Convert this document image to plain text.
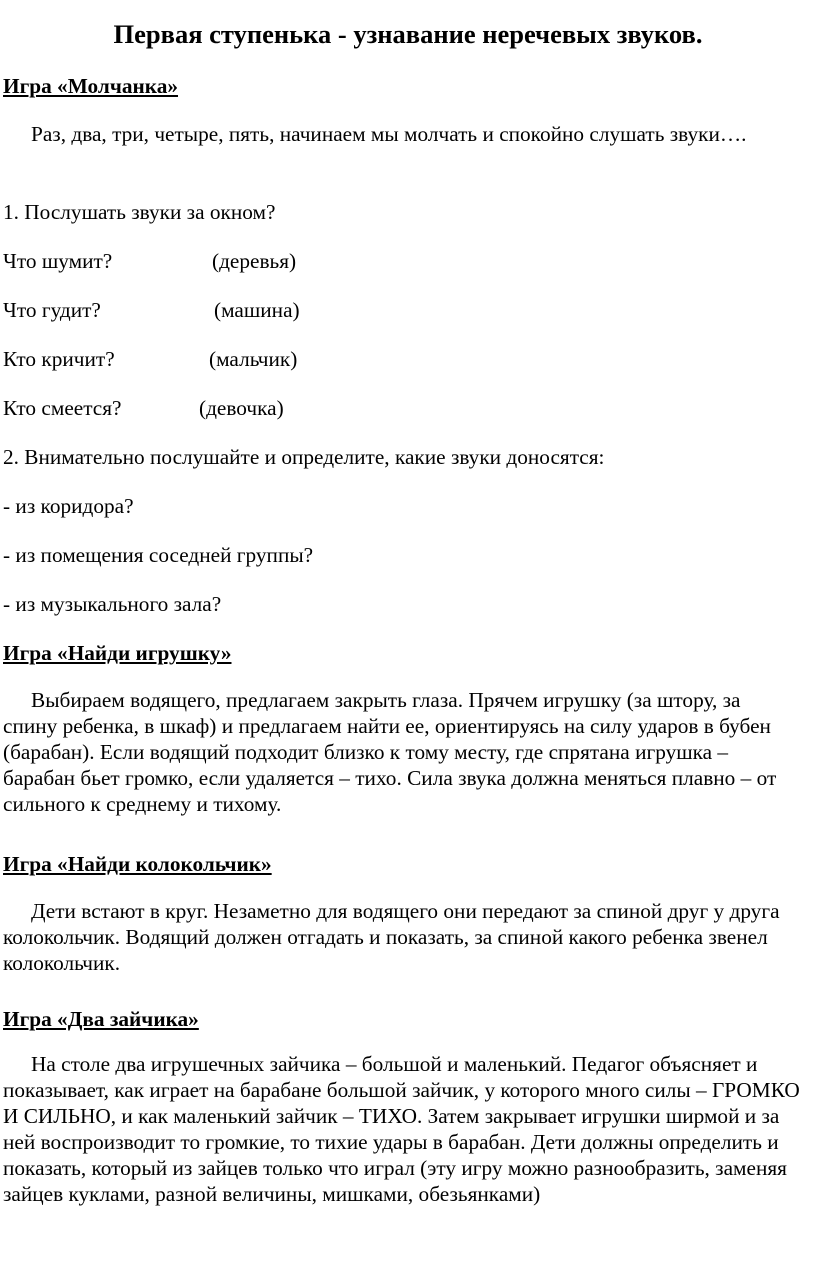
Первая ступенька - узнавание неречевых звуков.

Игра «Молчанка»

Раз, два, три, четыре, пять, начинаем мы молчать и спокойно слушать звуки….

1. Послушать звуки за окном?

Что шумит?	(деревья)
Что гудит?	(машина)
Кто кричит?	(мальчик)
Кто смеется?	(девочка)

2. Внимательно послушайте и определите, какие звуки доносятся:

- из коридора?

- из помещения соседней группы?

- из музыкального зала?

Игра «Найди игрушку»

Выбираем водящего, предлагаем закрыть глаза. Прячем игрушку (за штору, за спину ребенка, в шкаф) и предлагаем найти ее, ориентируясь на силу ударов в бубен (барабан). Если водящий подходит близко к тому месту, где спрятана игрушка – барабан бьет громко, если удаляется – тихо. Сила звука должна меняться плавно – от сильного к среднему и тихому.

Игра «Найди колокольчик»

Дети встают в круг. Незаметно для водящего они передают за спиной друг у друга колокольчик. Водящий должен отгадать и показать, за спиной какого ребенка звенел колокольчик.

Игра «Два зайчика»

На столе два игрушечных зайчика – большой и маленький. Педагог объясняет и показывает, как играет на барабане большой зайчик, у которого много силы – ГРОМКО И СИЛЬНО, и как маленький зайчик – ТИХО. Затем закрывает игрушки ширмой и за ней воспроизводит то громкие, то тихие удары в барабан. Дети должны определить и показать, который из зайцев только что играл (эту игру можно разнообразить, заменяя зайцев куклами, разной величины, мишками, обезьянками)
